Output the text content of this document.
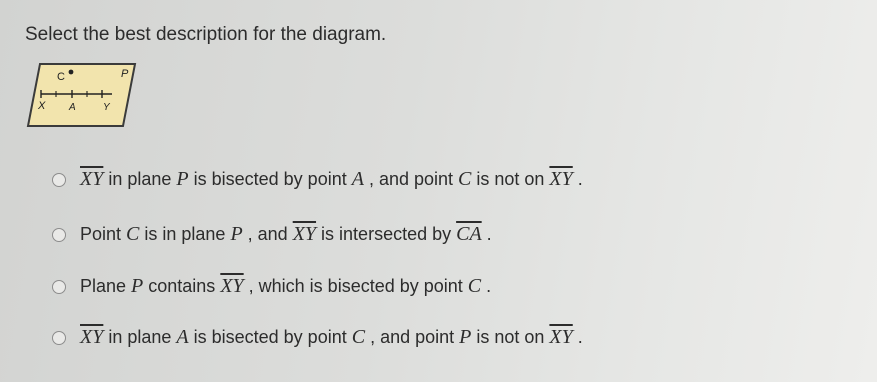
Select the best description for the diagram.
P
C
X A	Y
$\overline{XY}$ in plane P is bisected by point A , and point C is not on $\overline{XY}$ .
Point C is in plane P , and $\overline{XY}$ is intersected by $\overline{CA}$ .
Plane P contains $\overline{XY}$ , which is bisected by point C .
$\overline{XY}$ in plane A is bisected by point C , and point P is not on $\overline{XY}$ .
